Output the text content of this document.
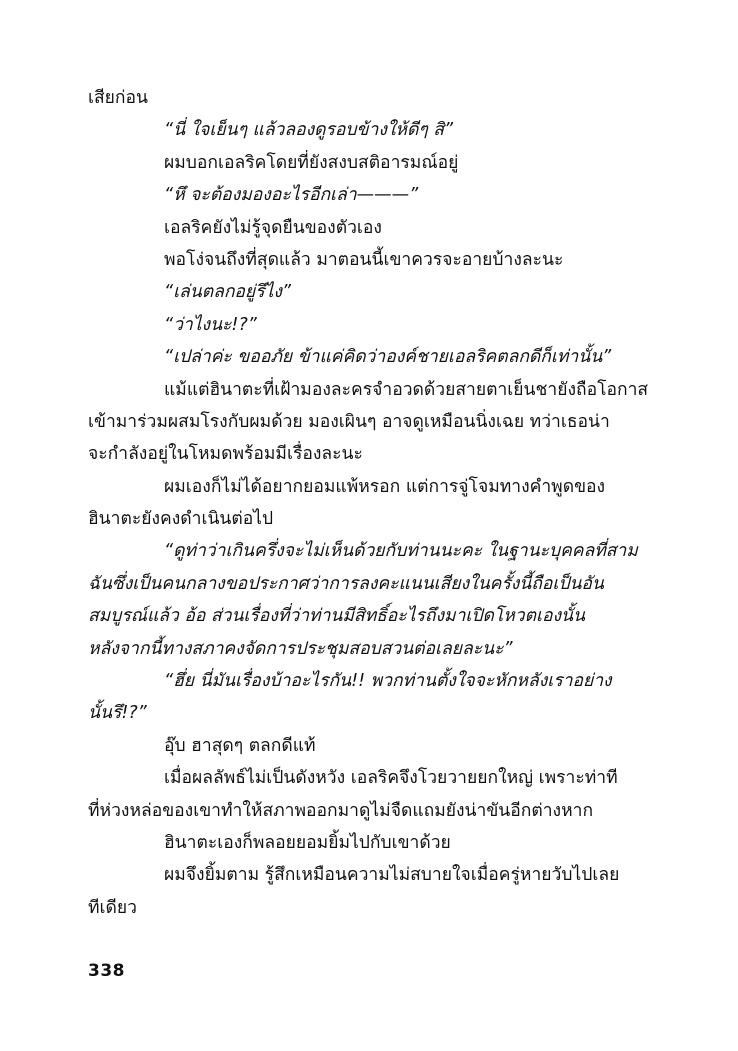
เสียก่อน
“นี่ ใจเย็นๆ แล้วลองดูรอบข้างให้ดีๆ สิ”
ผมบอกเอลริคโดยที่ยังสงบสติอารมณ์อยู่
“หึ จะต้องมองอะไรอีกเล่า———”
เอลริคยังไม่รู้จุดยืนของตัวเอง
พอโง่จนถึงที่สุดแล้ว มาตอนนี้เขาควรจะอายบ้างละนะ
“เล่นตลกอยู่รึไง”
“ว่าไงนะ!?”
“เปล่าค่ะ ขออภัย ข้าแค่คิดว่าองค์ชายเอลริคตลกดีก็เท่านั้น”
แม้แต่ฮินาตะที่เฝ้ามองละครจำอวดด้วยสายตาเย็นชายังถือโอกาส
เข้ามาร่วมผสมโรงกับผมด้วย มองเผินๆ อาจดูเหมือนนิ่งเฉย ทว่าเธอน่า
จะกำลังอยู่ในโหมดพร้อมมีเรื่องละนะ
ผมเองก็ไม่ได้อยากยอมแพ้หรอก แต่การจู่โจมทางคำพูดของ
ฮินาตะยังคงดำเนินต่อไป
“ดูท่าว่าเกินครึ่งจะไม่เห็นด้วยกับท่านนะคะ ในฐานะบุคคลที่สาม
ฉันซึ่งเป็นคนกลางขอประกาศว่าการลงคะแนนเสียงในครั้งนี้ถือเป็นอัน
สมบูรณ์แล้ว อ้อ ส่วนเรื่องที่ว่าท่านมีสิทธิ์อะไรถึงมาเปิดโหวตเองนั้น
หลังจากนี้ทางสภาคงจัดการประชุมสอบสวนต่อเลยละนะ”
“ฮึ่ย นี่มันเรื่องบ้าอะไรกัน!! พวกท่านตั้งใจจะหักหลังเราอย่าง
นั้นรึ!?”
อุ๊บ ฮาสุดๆ ตลกดีแท้
เมื่อผลลัพธ์ไม่เป็นดังหวัง เอลริคจึงโวยวายยกใหญ่ เพราะท่าที
ที่ห่วงหล่อของเขาทำให้สภาพออกมาดูไม่จืดแถมยังน่าขันอีกต่างหาก
ฮินาตะเองก็พลอยยอมยิ้มไปกับเขาด้วย
ผมจึงยิ้มตาม รู้สึกเหมือนความไม่สบายใจเมื่อครู่หายวับไปเลย
ทีเดียว
338
